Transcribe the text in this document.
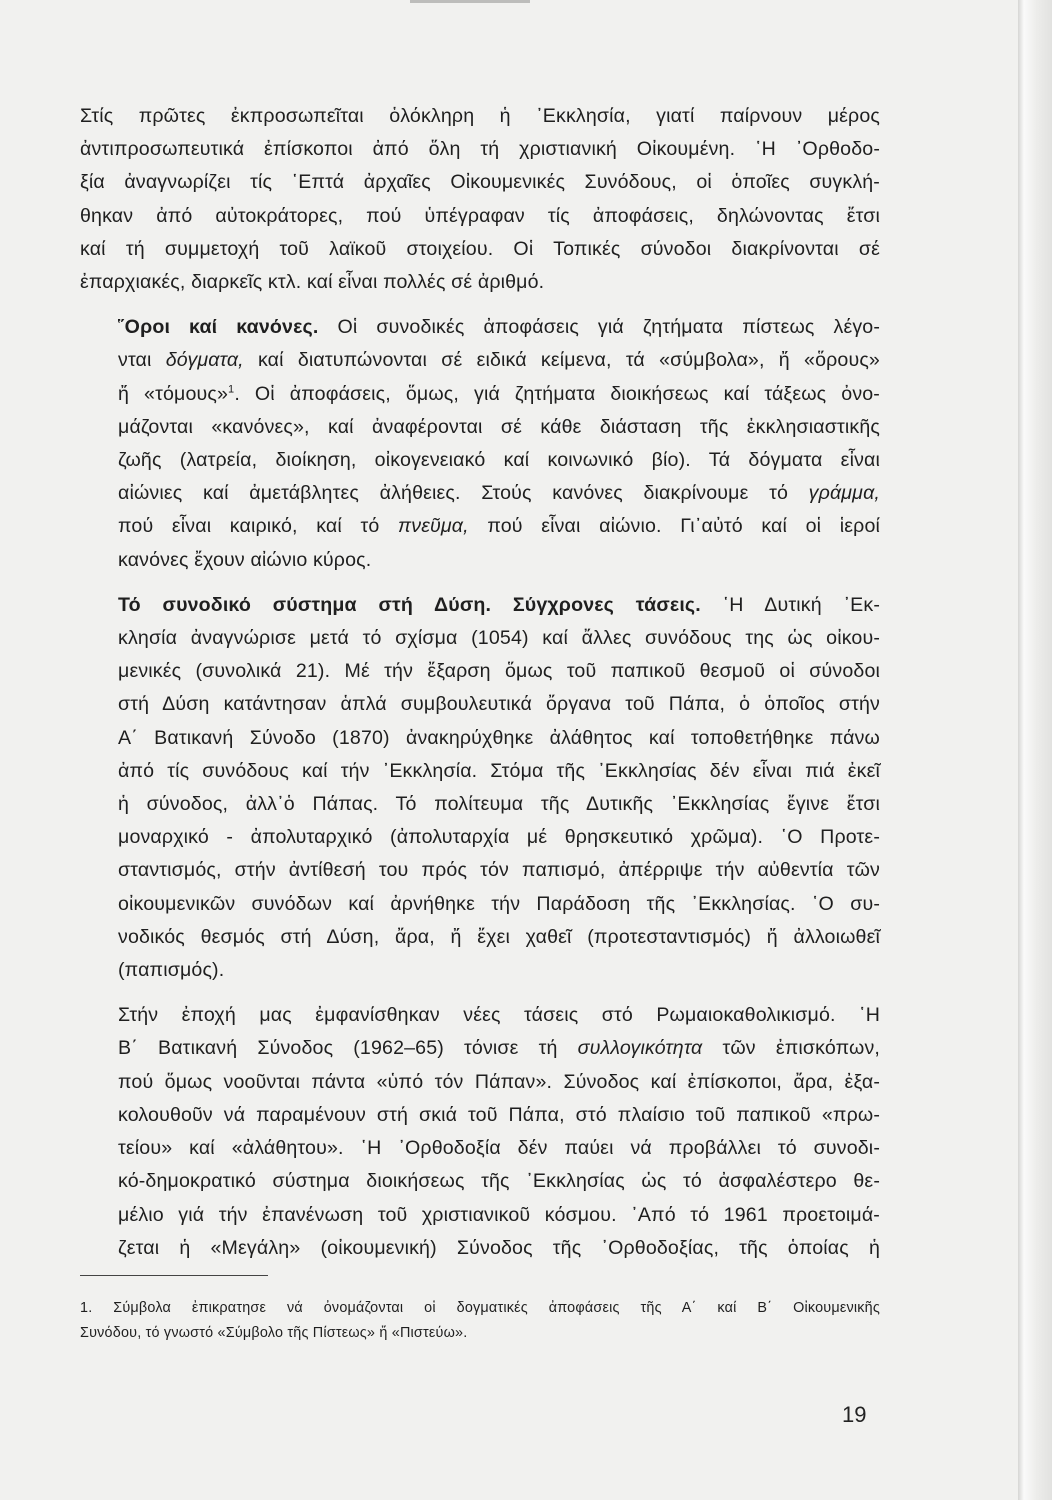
Στίς πρῶτες ἐκπροσωπεῖται ὁλόκληρη ἡ ᾿Εκκλησία, γιατί παίρνουν μέρος
ἀντιπροσωπευτικά ἐπίσκοποι ἀπό ὅλη τή χριστιανική Οἰκουμένη. ῾Η ᾿Ορθοδο-
ξία ἀναγνωρίζει τίς ῾Επτά ἀρχαῖες Οἰκουμενικές Συνόδους, οἱ ὁποῖες συγκλή-
θηκαν ἀπό αὐτοκράτορες, πού ὑπέγραφαν τίς ἀποφάσεις, δηλώνοντας ἔτσι
καί τή συμμετοχή τοῦ λαϊκοῦ στοιχείου. Οἱ Τοπικές σύνοδοι διακρίνονται σέ
ἐπαρχιακές, διαρκεῖς κτλ. καί εἶναι πολλές σέ ἀριθμό.

῞Οροι καί κανόνες. Οἱ συνοδικές ἀποφάσεις γιά ζητήματα πίστεως λέγο-
νται δόγματα, καί διατυπώνονται σέ ειδικά κείμενα, τά «σύμβολα», ἤ «ὅρους»
ἤ «τόμους»$^1$. Οἱ ἀποφάσεις, ὅμως, γιά ζητήματα διοικήσεως καί τάξεως ὀνο-
μάζονται «κανόνες», καί ἀναφέρονται σέ κάθε διάσταση τῆς ἐκκλησιαστικῆς
ζωῆς (λατρεία, διοίκηση, οἰκογενειακό καί κοινωνικό βίο). Τά δόγματα εἶναι
αἰώνιες καί ἀμετάβλητες ἀλήθειες. Στούς κανόνες διακρίνουμε τό γράμμα,
πού εἶναι καιρικό, καί τό πνεῦμα, πού εἶναι αἰώνιο. Γι᾿αὐτό καί οἱ ἱεροί
κανόνες ἔχουν αἰώνιο κύρος.

Τό συνοδικό σύστημα στή Δύση. Σύγχρονες τάσεις. ῾Η Δυτική ᾿Εκ-
κλησία ἀναγνώρισε μετά τό σχίσμα (1054) καί ἄλλες συνόδους της ὡς οἰκου-
μενικές (συνολικά 21). Μέ τήν ἔξαρση ὅμως τοῦ παπικοῦ θεσμοῦ οἱ σύνοδοι
στή Δύση κατάντησαν ἁπλά συμβουλευτικά ὄργανα τοῦ Πάπα, ὁ ὁποῖος στήν
Α΄ Βατικανή Σύνοδο (1870) ἀνακηρύχθηκε ἀλάθητος καί τοποθετήθηκε πάνω
ἀπό τίς συνόδους καί τήν ᾿Εκκλησία. Στόμα τῆς ᾿Εκκλησίας δέν εἶναι πιά ἐκεῖ
ἡ σύνοδος, ἀλλ᾿ὁ Πάπας. Τό πολίτευμα τῆς Δυτικῆς ᾿Εκκλησίας ἔγινε ἔτσι
μοναρχικό - ἀπολυταρχικό (ἀπολυταρχία μέ θρησκευτικό χρῶμα). ῾Ο Προτε-
σταντισμός, στήν ἀντίθεσή του πρός τόν παπισμό, ἀπέρριψε τήν αὐθεντία τῶν
οἰκουμενικῶν συνόδων καί ἀρνήθηκε τήν Παράδοση τῆς ᾿Εκκλησίας. ῾Ο συ-
νοδικός θεσμός στή Δύση, ἄρα, ἤ ἔχει χαθεῖ (προτεσταντισμός) ἤ ἀλλοιωθεῖ
(παπισμός).

Στήν ἐποχή μας ἐμφανίσθηκαν νέες τάσεις στό Ρωμαιοκαθολικισμό. ῾Η
Β΄ Βατικανή Σύνοδος (1962–65) τόνισε τή συλλογικότητα τῶν ἐπισκόπων,
πού ὅμως νοοῦνται πάντα «ὑπό τόν Πάπαν». Σύνοδος καί ἐπίσκοποι, ἄρα, ἐξα-
κολουθοῦν νά παραμένουν στή σκιά τοῦ Πάπα, στό πλαίσιο τοῦ παπικοῦ «πρω-
τείου» καί «ἀλάθητου». ῾Η ᾿Ορθοδοξία δέν παύει νά προβάλλει τό συνοδι-
κό-δημοκρατικό σύστημα διοικήσεως τῆς ᾿Εκκλησίας ὡς τό ἀσφαλέστερο θε-
μέλιο γιά τήν ἐπανένωση τοῦ χριστιανικοῦ κόσμου. ᾿Από τό 1961 προετοιμά-
ζεται ἡ «Μεγάλη» (οἰκουμενική) Σύνοδος τῆς ᾿Ορθοδοξίας, τῆς ὁποίας ἡ

1. Σύμβολα ἐπικρατησε νά ὀνομάζονται οἱ δογματικές ἀποφάσεις τῆς Α΄ καί Β΄ Οἰκουμενικῆς
Συνόδου, τό γνωστό «Σύμβολο τῆς Πίστεως» ἤ «Πιστεύω».
19
